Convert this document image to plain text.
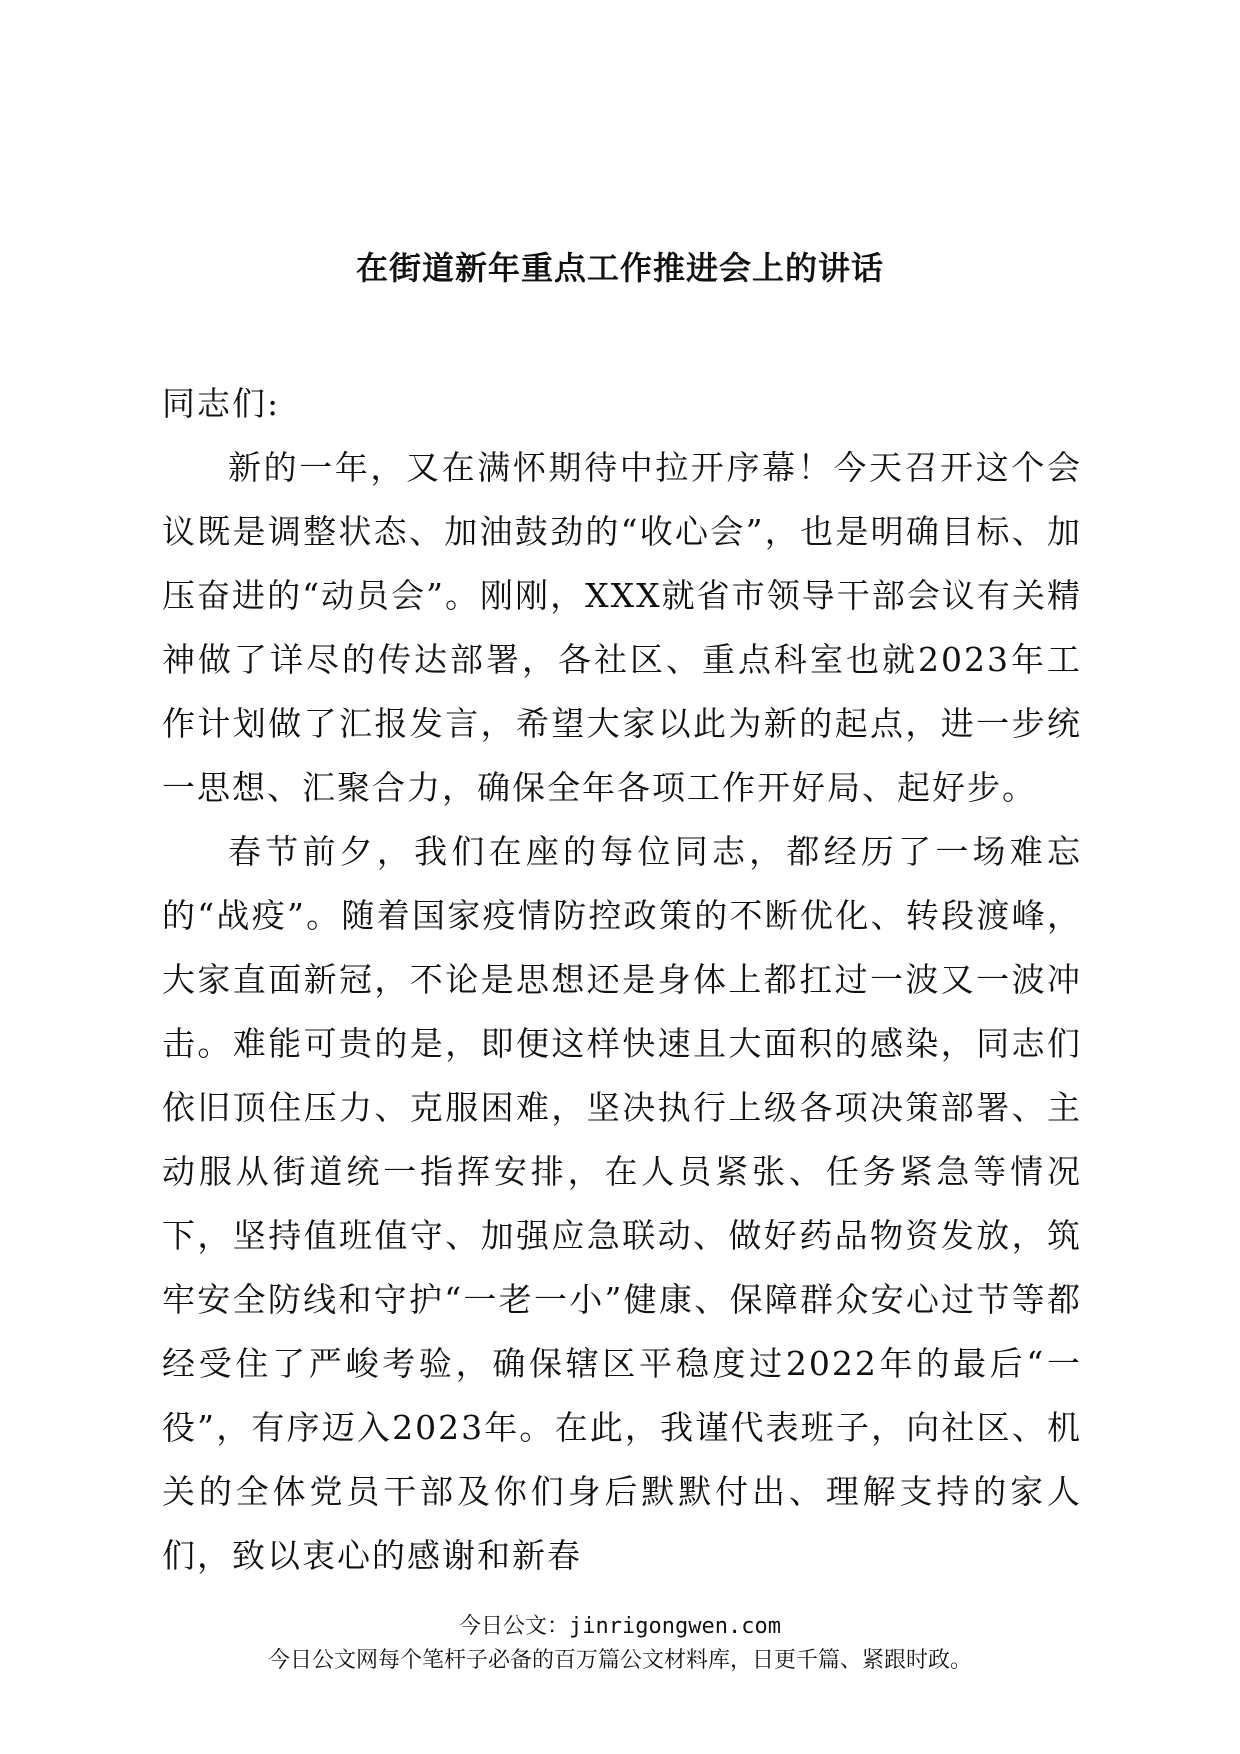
在街道新年重点工作推进会上的讲话

同志们:

新的一年，又在满怀期待中拉开序幕！今天召开这个会议既是调整状态、加油鼓劲的“收心会”，也是明确目标、加压奋进的“动员会”。刚刚，XXX就省市领导干部会议有关精神做了详尽的传达部署，各社区、重点科室也就2023年工作计划做了汇报发言，希望大家以此为新的起点，进一步统一思想、汇聚合力，确保全年各项工作开好局、起好步。

春节前夕，我们在座的每位同志，都经历了一场难忘的“战疫”。随着国家疫情防控政策的不断优化、转段渡峰，大家直面新冠，不论是思想还是身体上都扛过一波又一波冲击。难能可贵的是，即便这样快速且大面积的感染，同志们依旧顶住压力、克服困难，坚决执行上级各项决策部署、主动服从街道统一指挥安排，在人员紧张、任务紧急等情况下，坚持值班值守、加强应急联动、做好药品物资发放，筑牢安全防线和守护“一老一小”健康、保障群众安心过节等都经受住了严峻考验，确保辖区平稳度过2022年的最后“一役”，有序迈入2023年。在此，我谨代表班子，向社区、机关的全体党员干部及你们身后默默付出、理解支持的家人们，致以衷心的感谢和新春

今日公文：jinrigongwen.com
今日公文网每个笔杆子必备的百万篇公文材料库，日更千篇、紧跟时政。
